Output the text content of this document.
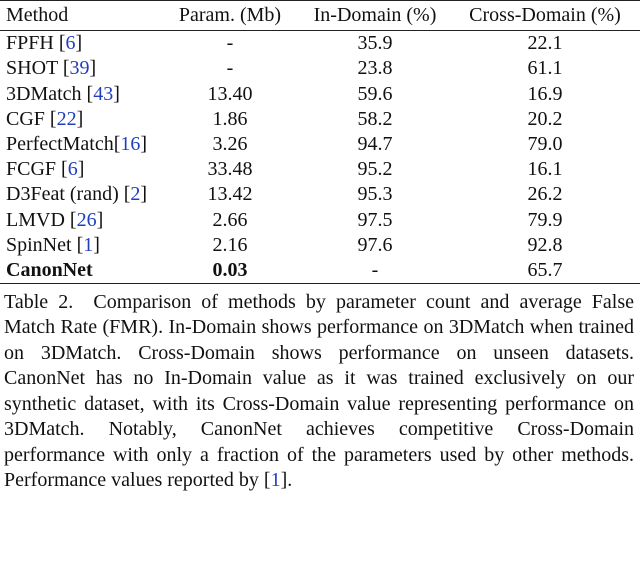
Method	Param. (Mb)	In-Domain (%)	Cross-Domain (%)
FPFH [6]	-	35.9	22.1
SHOT [39]	-	23.8	61.1
3DMatch [43]	13.40	59.6	16.9
CGF [22]	1.86	58.2	20.2
PerfectMatch[16]	3.26	94.7	79.0
FCGF [6]	33.48	95.2	16.1
D3Feat (rand) [2]	13.42	95.3	26.2
LMVD [26]	2.66	97.5	79.9
SpinNet [1]	2.16	97.6	92.8
CanonNet	0.03	-	65.7
Table 2. Comparison of methods by parameter count and average False Match Rate (FMR). In-Domain shows performance on 3DMatch when trained on 3DMatch. Cross-Domain shows performance on unseen datasets. CanonNet has no In-Domain value as it was trained exclusively on our synthetic dataset, with its Cross-Domain value representing performance on 3DMatch. Notably, CanonNet achieves competitive Cross-Domain performance with only a fraction of the parameters used by other methods. Performance values reported by [1].
